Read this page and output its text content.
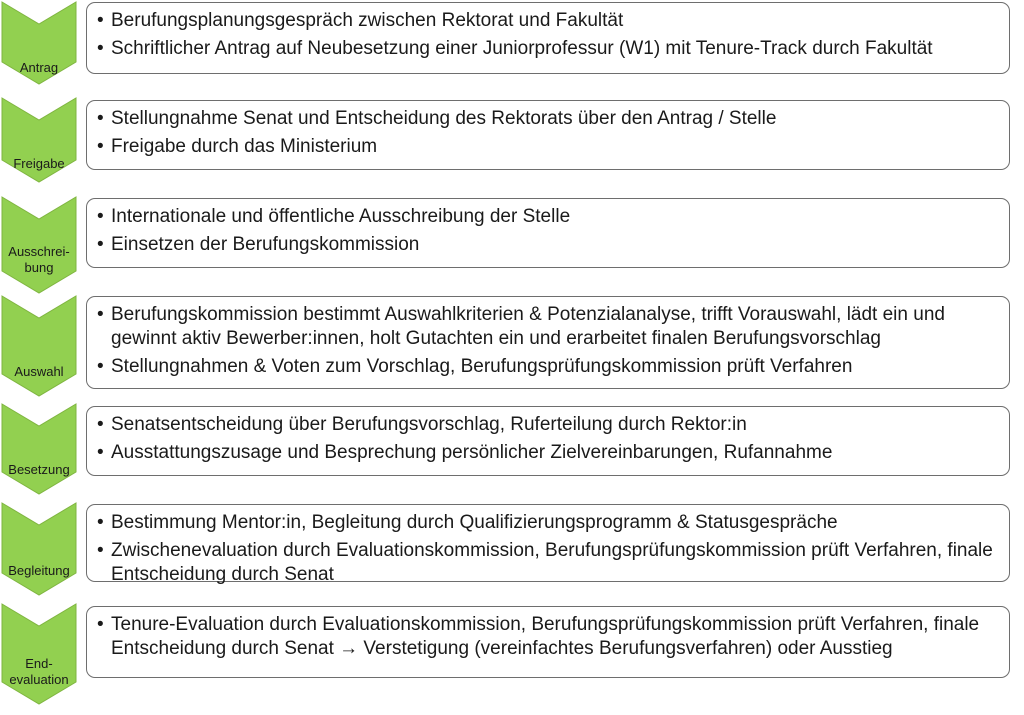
Antrag
• Berufungsplanungsgespräch zwischen Rektorat und Fakultät
• Schriftlicher Antrag auf Neubesetzung einer Juniorprofessur (W1) mit Tenure-Track durch Fakultät
Freigabe
• Stellungnahme Senat und Entscheidung des Rektorats über den Antrag / Stelle
• Freigabe durch das Ministerium
Ausschrei-
bung
• Internationale und öffentliche Ausschreibung der Stelle
• Einsetzen der Berufungskommission
Auswahl
• Berufungskommission bestimmt Auswahlkriterien & Potenzialanalyse, trifft Vorauswahl, lädt ein und gewinnt aktiv Bewerber:innen, holt Gutachten ein und erarbeitet finalen Berufungsvorschlag
• Stellungnahmen & Voten zum Vorschlag, Berufungsprüfungskommission prüft Verfahren
Besetzung
• Senatsentscheidung über Berufungsvorschlag, Ruferteilung durch Rektor:in
• Ausstattungszusage und Besprechung persönlicher Zielvereinbarungen, Rufannahme
Begleitung
• Bestimmung Mentor:in, Begleitung durch Qualifizierungsprogramm & Statusgespräche
• Zwischenevaluation durch Evaluationskommission, Berufungsprüfungskommission prüft Verfahren, finale Entscheidung durch Senat
End-
evaluation
• Tenure-Evaluation durch Evaluationskommission, Berufungsprüfungskommission prüft Verfahren, finale Entscheidung durch Senat → Verstetigung (vereinfachtes Berufungsverfahren) oder Ausstieg
